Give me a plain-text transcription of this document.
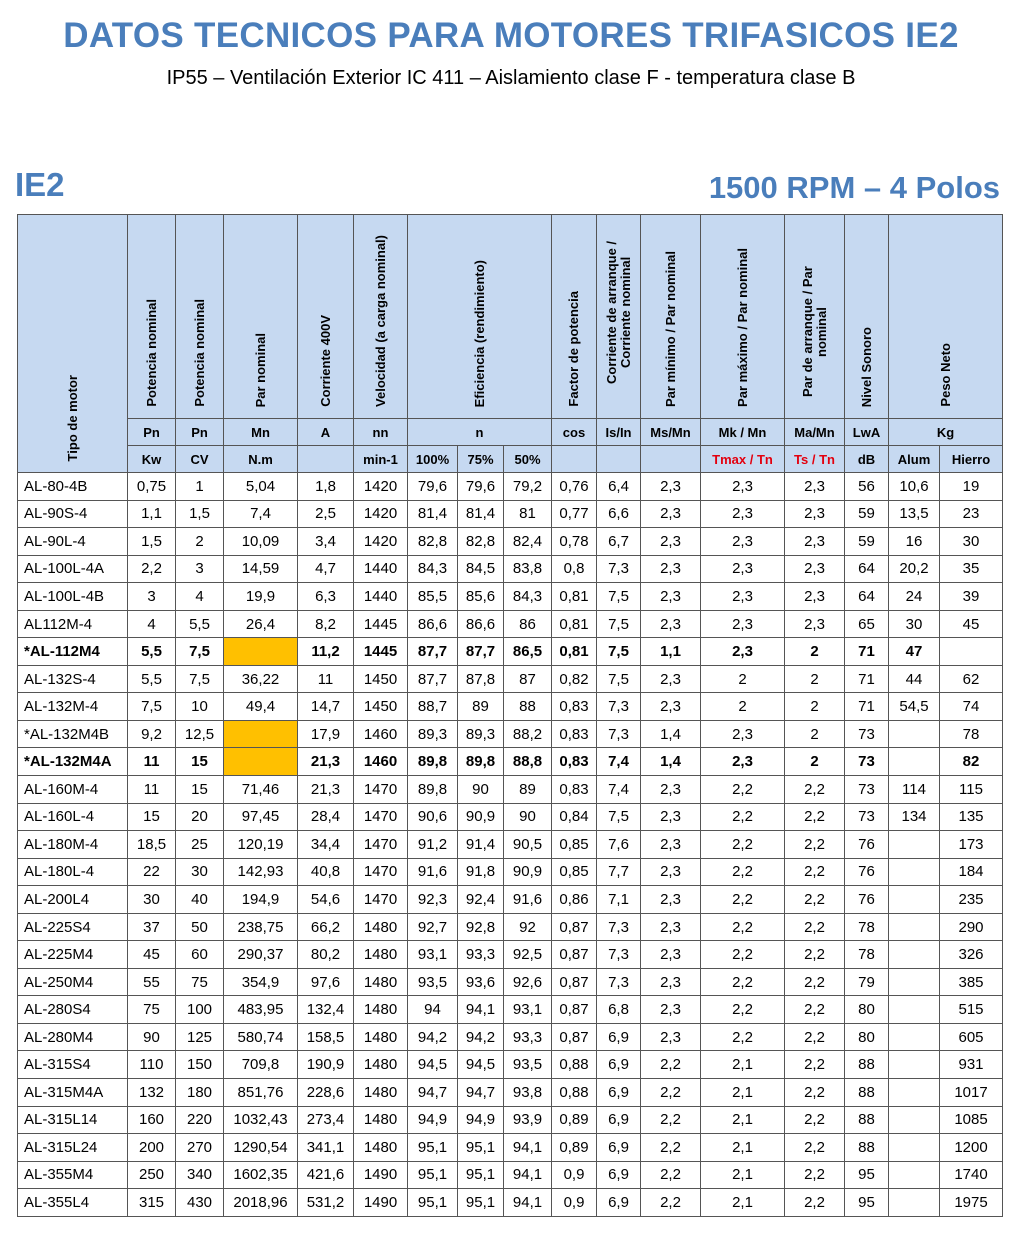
DATOS TECNICOS PARA MOTORES TRIFASICOS IE2
IP55 – Ventilación Exterior IC 411 – Aislamiento clase F - temperatura clase B
IE2	1500 RPM – 4 Polos
Tipo de motor	Potencia nominal	Potencia nominal	Par nominal	Corriente 400V	Velocidad (a carga nominal)	Eficiencia (rendimiento)			Factor de potencia	Corriente de arranque / Corriente nominal	Par mínimo / Par nominal	Par máximo / Par nominal	Par de arranque / Par nominal	Nivel Sonoro	Peso Neto	

	Pn	Pn	Mn	A	nn	n			cos	Is/In	Ms/Mn	Mk / Mn	Ma/Mn	LwA	Kg	
	Kw	CV	N.m		min-1	100%	75%	50%				Tmax / Tn	Ts / Tn	dB	Alum	Hierro
AL-80-4B	0,75	1	5,04	1,8	1420	79,6	79,6	79,2	0,76	6,4	2,3	2,3	2,3	56	10,6	19
AL-90S-4	1,1	1,5	7,4	2,5	1420	81,4	81,4	81	0,77	6,6	2,3	2,3	2,3	59	13,5	23
AL-90L-4	1,5	2	10,09	3,4	1420	82,8	82,8	82,4	0,78	6,7	2,3	2,3	2,3	59	16	30
AL-100L-4A	2,2	3	14,59	4,7	1440	84,3	84,5	83,8	0,8	7,3	2,3	2,3	2,3	64	20,2	35
AL-100L-4B	3	4	19,9	6,3	1440	85,5	85,6	84,3	0,81	7,5	2,3	2,3	2,3	64	24	39
AL112M-4	4	5,5	26,4	8,2	1445	86,6	86,6	86	0,81	7,5	2,3	2,3	2,3	65	30	45
*AL-112M4	5,5	7,5		11,2	1445	87,7	87,7	86,5	0,81	7,5	1,1	2,3	2	71	47	
AL-132S-4	5,5	7,5	36,22	11	1450	87,7	87,8	87	0,82	7,5	2,3	2	2	71	44	62
AL-132M-4	7,5	10	49,4	14,7	1450	88,7	89	88	0,83	7,3	2,3	2	2	71	54,5	74
*AL-132M4B	9,2	12,5		17,9	1460	89,3	89,3	88,2	0,83	7,3	1,4	2,3	2	73		78
*AL-132M4A	11	15		21,3	1460	89,8	89,8	88,8	0,83	7,4	1,4	2,3	2	73		82
AL-160M-4	11	15	71,46	21,3	1470	89,8	90	89	0,83	7,4	2,3	2,2	2,2	73	114	115
AL-160L-4	15	20	97,45	28,4	1470	90,6	90,9	90	0,84	7,5	2,3	2,2	2,2	73	134	135
AL-180M-4	18,5	25	120,19	34,4	1470	91,2	91,4	90,5	0,85	7,6	2,3	2,2	2,2	76		173
AL-180L-4	22	30	142,93	40,8	1470	91,6	91,8	90,9	0,85	7,7	2,3	2,2	2,2	76		184
AL-200L4	30	40	194,9	54,6	1470	92,3	92,4	91,6	0,86	7,1	2,3	2,2	2,2	76		235
AL-225S4	37	50	238,75	66,2	1480	92,7	92,8	92	0,87	7,3	2,3	2,2	2,2	78		290
AL-225M4	45	60	290,37	80,2	1480	93,1	93,3	92,5	0,87	7,3	2,3	2,2	2,2	78		326
AL-250M4	55	75	354,9	97,6	1480	93,5	93,6	92,6	0,87	7,3	2,3	2,2	2,2	79		385
AL-280S4	75	100	483,95	132,4	1480	94	94,1	93,1	0,87	6,8	2,3	2,2	2,2	80		515
AL-280M4	90	125	580,74	158,5	1480	94,2	94,2	93,3	0,87	6,9	2,3	2,2	2,2	80		605
AL-315S4	110	150	709,8	190,9	1480	94,5	94,5	93,5	0,88	6,9	2,2	2,1	2,2	88		931
AL-315M4A	132	180	851,76	228,6	1480	94,7	94,7	93,8	0,88	6,9	2,2	2,1	2,2	88		1017
AL-315L14	160	220	1032,43	273,4	1480	94,9	94,9	93,9	0,89	6,9	2,2	2,1	2,2	88		1085
AL-315L24	200	270	1290,54	341,1	1480	95,1	95,1	94,1	0,89	6,9	2,2	2,1	2,2	88		1200
AL-355M4	250	340	1602,35	421,6	1490	95,1	95,1	94,1	0,9	6,9	2,2	2,1	2,2	95		1740
AL-355L4	315	430	2018,96	531,2	1490	95,1	95,1	94,1	0,9	6,9	2,2	2,1	2,2	95		1975
